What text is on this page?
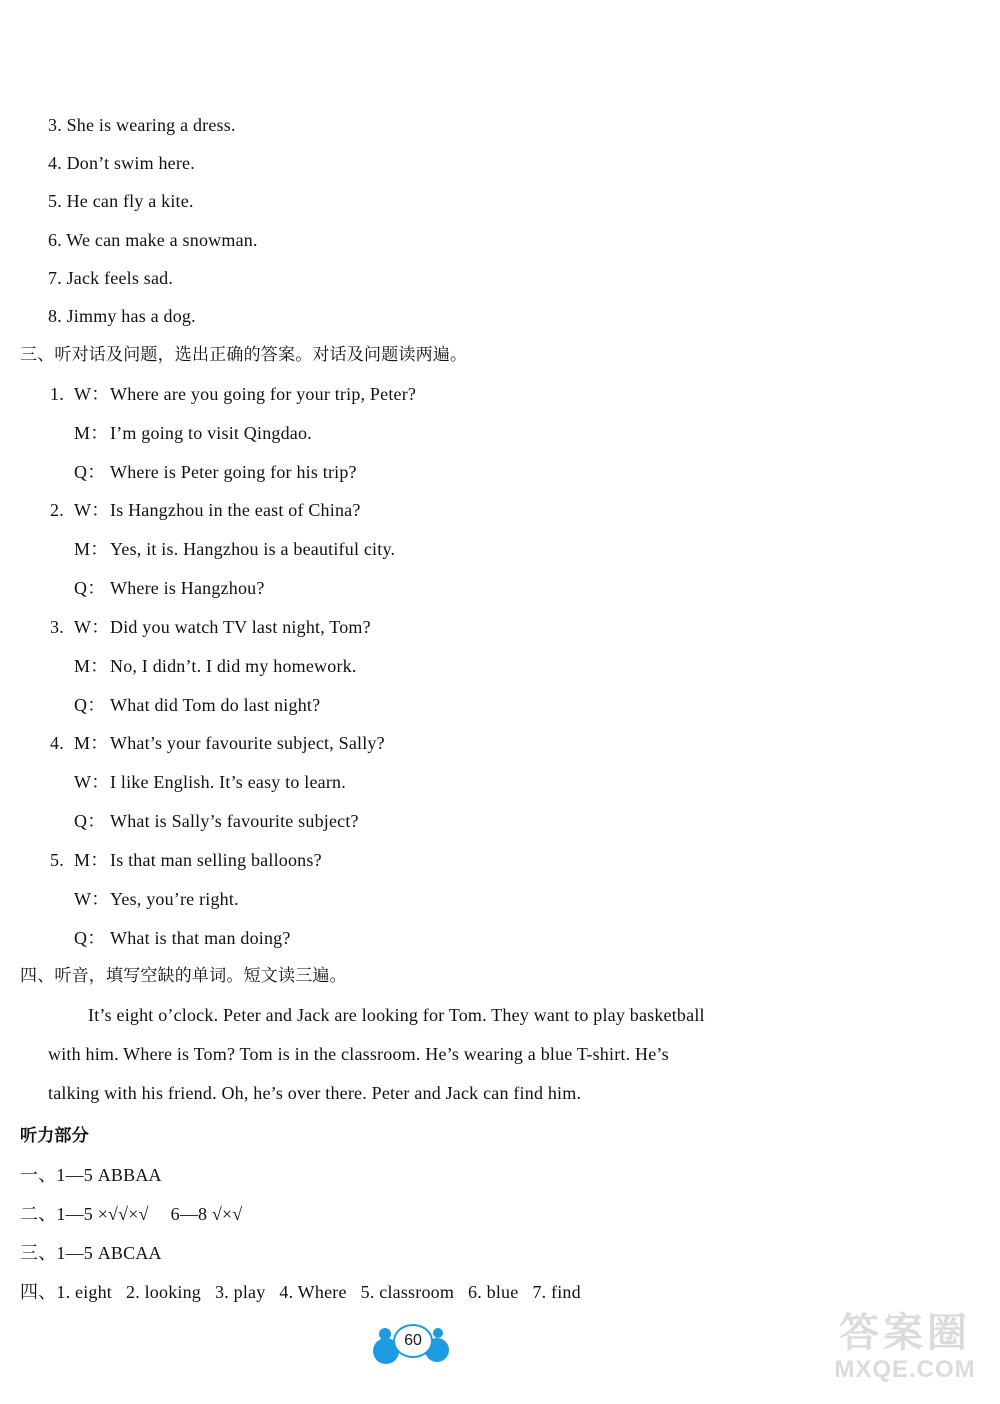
3. She is wearing a dress.
4. Don’t swim here.
5. He can fly a kite.
6. We can make a snowman.
7. Jack feels sad.
8. Jimmy has a dog.
三、听对话及问题，选出正确的答案。对话及问题读两遍。
1. W：Where are you going for your trip, Peter?
M：I’m going to visit Qingdao.
Q： Where is Peter going for his trip?
2. W：Is Hangzhou in the east of China?
M：Yes, it is. Hangzhou is a beautiful city.
Q： Where is Hangzhou?
3. W：Did you watch TV last night, Tom?
M：No, I didn’t. I did my homework.
Q： What did Tom do last night?
4. M：What’s your favourite subject, Sally?
W：I like English. It’s easy to learn.
Q： What is Sally’s favourite subject?
5. M：Is that man selling balloons?
W：Yes, you’re right.
Q： What is that man doing?
四、听音，填写空缺的单词。短文读三遍。
It’s eight o’clock. Peter and Jack are looking for Tom. They want to play basketball
with him. Where is Tom? Tom is in the classroom. He’s wearing a blue T-shirt. He’s
talking with his friend. Oh, he’s over there. Peter and Jack can find him.
听力部分
一、1—5 ABBAA
二、1—5 ×√√×√ 6—8 √×√
三、1—5 ABCAA
四、1. eight 2. looking 3. play 4. Where 5. classroom 6. blue 7. find
60	答案圈
MXQE.COM
